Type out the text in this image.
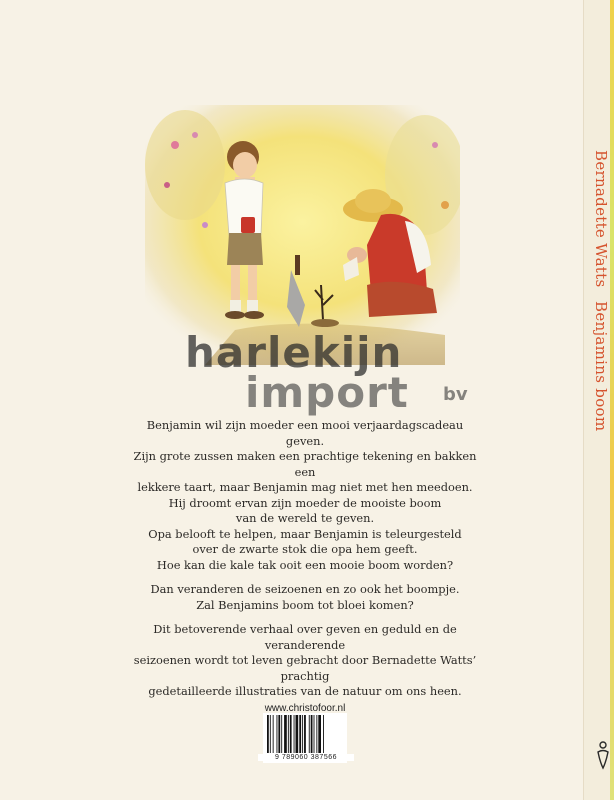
Bernadette WattsBenjamins boom
harlekijn
import bv

Benjamin wil zijn moeder een mooi verjaardagscadeau geven.

Zijn grote zussen maken een prachtige tekening en bakken een

lekkere taart, maar Benjamin mag niet met hen meedoen.

Hij droomt ervan zijn moeder de mooiste boom

van de wereld te geven.

Opa belooft te helpen, maar Benjamin is teleurgesteld

over de zwarte stok die opa hem geeft.

Hoe kan die kale tak ooit een mooie boom worden?

Dan veranderen de seizoenen en zo ook het boompje.

Zal Benjamins boom tot bloei komen?

Dit betoverende verhaal over geven en geduld en de veranderende

seizoenen wordt tot leven gebracht door Bernadette Watts’ prachtig

gedetailleerde illustraties van de natuur om ons heen.

www.christofoor.nl
9 789060 387566
